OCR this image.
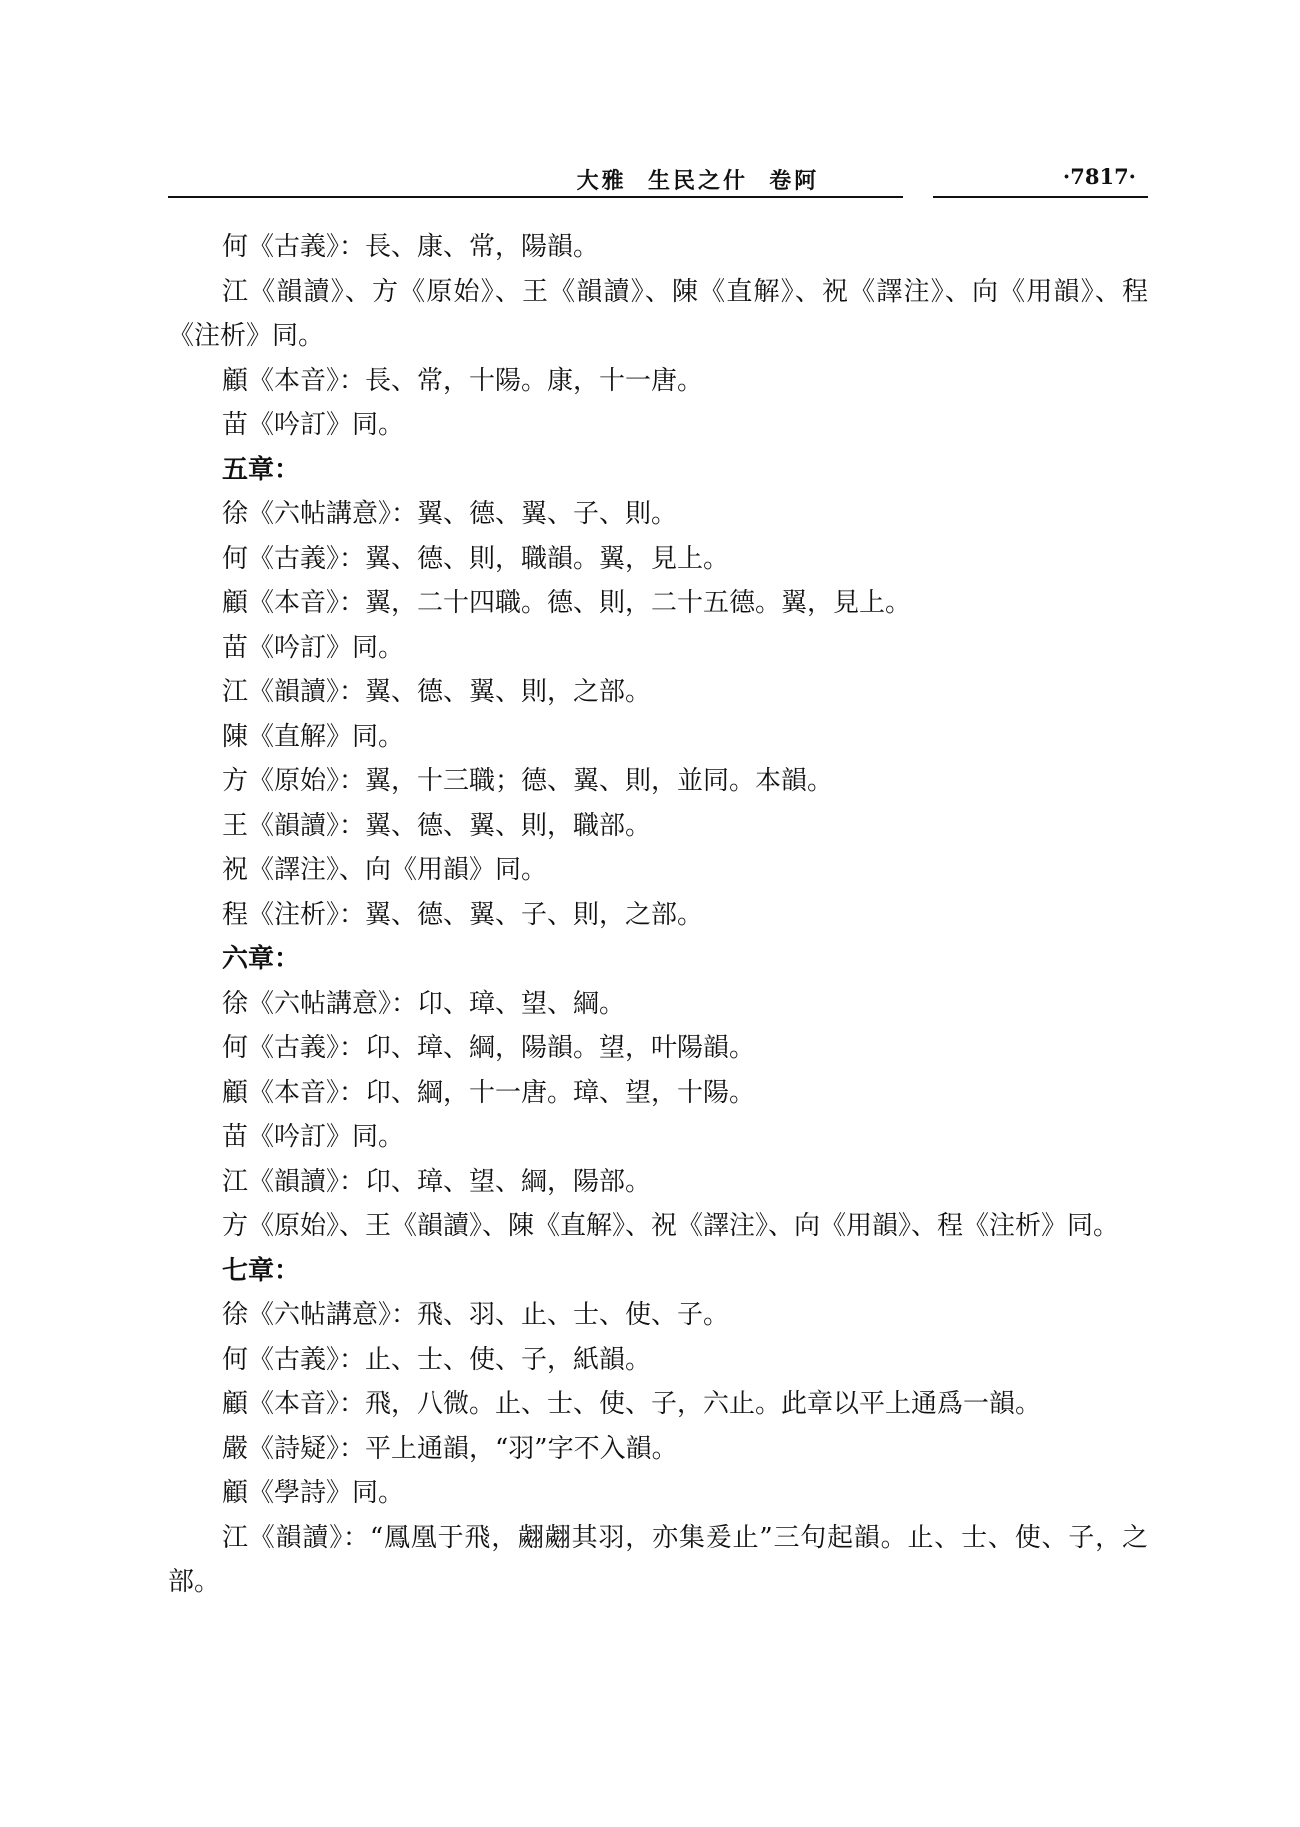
大雅  生民之什  卷阿	·7817·

何《古義》：長、康、常，陽韻。

江《韻讀》、方《原始》、王《韻讀》、陳《直解》、祝《譯注》、向《用韻》、程《注析》同。

顧《本音》：長、常，十陽。康，十一唐。

苗《吟訂》同。

五章：

徐《六帖講意》：翼、德、翼、子、則。

何《古義》：翼、德、則，職韻。翼，見上。

顧《本音》：翼，二十四職。德、則，二十五德。翼，見上。

苗《吟訂》同。

江《韻讀》：翼、德、翼、則，之部。

陳《直解》同。

方《原始》：翼，十三職；德、翼、則，並同。本韻。

王《韻讀》：翼、德、翼、則，職部。

祝《譯注》、向《用韻》同。

程《注析》：翼、德、翼、子、則，之部。

六章：

徐《六帖講意》：卬、璋、望、綱。

何《古義》：卬、璋、綱，陽韻。望，叶陽韻。

顧《本音》：卬、綱，十一唐。璋、望，十陽。

苗《吟訂》同。

江《韻讀》：卬、璋、望、綱，陽部。

方《原始》、王《韻讀》、陳《直解》、祝《譯注》、向《用韻》、程《注析》同。

七章：

徐《六帖講意》：飛、羽、止、士、使、子。

何《古義》：止、士、使、子，紙韻。

顧《本音》：飛，八微。止、士、使、子，六止。此章以平上通爲一韻。

嚴《詩疑》：平上通韻，“羽”字不入韻。

顧《學詩》同。

江《韻讀》：“鳳凰于飛，翽翽其羽，亦集爰止”三句起韻。止、士、使、子，之部。
